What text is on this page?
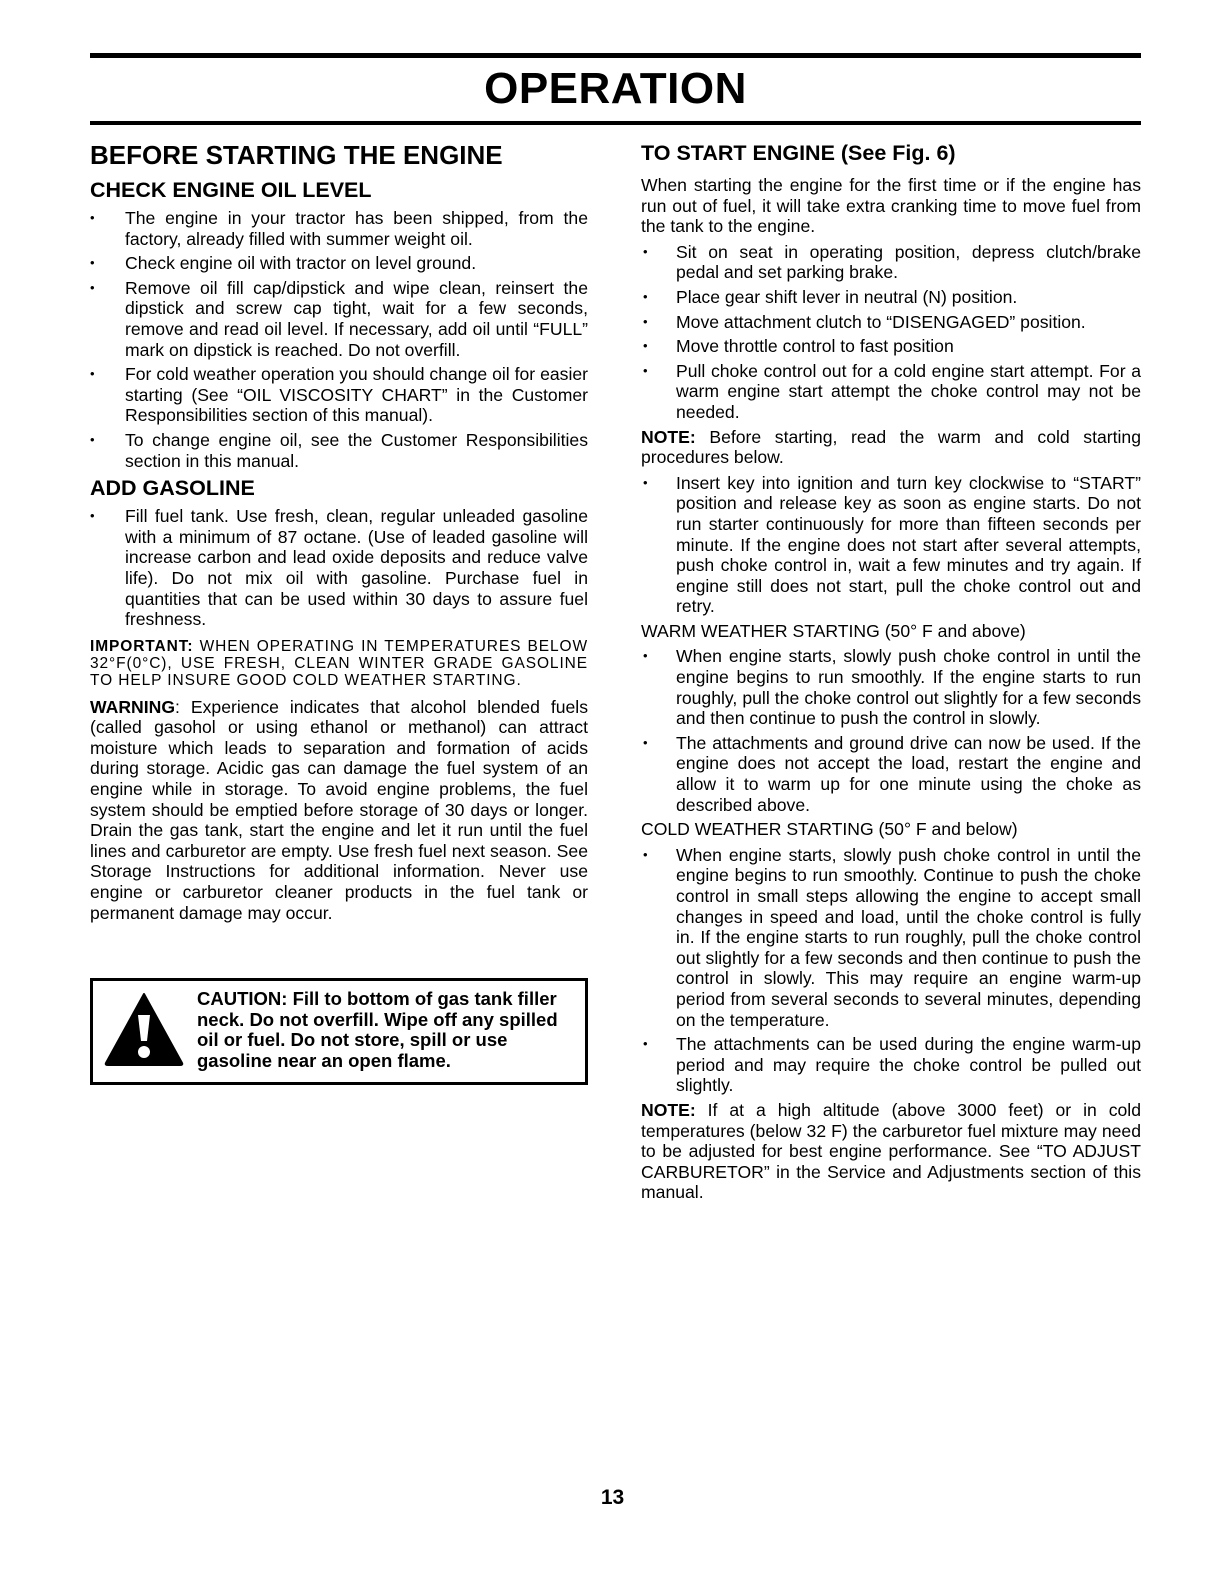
OPERATION
BEFORE STARTING THE ENGINE
CHECK ENGINE OIL LEVEL
• The engine in your tractor has been shipped, from the factory, already filled with summer weight oil.
• Check engine oil with tractor on level ground.
• Remove oil fill cap/dipstick and wipe clean, reinsert the dipstick and screw cap tight, wait for a few seconds, remove and read oil level. If necessary, add oil until “FULL” mark on dipstick is reached. Do not overfill.
• For cold weather operation you should change oil for easier starting (See “OIL VISCOSITY CHART” in the Customer Responsibilities section of this manual).
• To change engine oil, see the Customer Responsibilities section in this manual.
ADD GASOLINE
• Fill fuel tank. Use fresh, clean, regular unleaded gasoline with a minimum of 87 octane. (Use of leaded gasoline will increase carbon and lead oxide deposits and reduce valve life). Do not mix oil with gasoline. Purchase fuel in quantities that can be used within 30 days to assure fuel freshness.

IMPORTANT: WHEN OPERATING IN TEMPERATURES BELOW 32°F(0°C), USE FRESH, CLEAN WINTER GRADE GASOLINE TO HELP INSURE GOOD COLD WEATHER STARTING.

WARNING: Experience indicates that alcohol blended fuels (called gasohol or using ethanol or methanol) can attract moisture which leads to separation and formation of acids during storage. Acidic gas can damage the fuel system of an engine while in storage. To avoid engine problems, the fuel system should be emptied before storage of 30 days or longer. Drain the gas tank, start the engine and let it run until the fuel lines and carburetor are empty. Use fresh fuel next season. See Storage Instructions for additional information. Never use engine or carburetor cleaner products in the fuel tank or permanent damage may occur.

CAUTION: Fill to bottom of gas tank filler neck. Do not overfill. Wipe off any spilled oil or fuel. Do not store, spill or use gasoline near an open flame.
TO START ENGINE (See Fig. 6)

When starting the engine for the first time or if the engine has run out of fuel, it will take extra cranking time to move fuel from the tank to the engine.

• Sit on seat in operating position, depress clutch/brake pedal and set parking brake.
• Place gear shift lever in neutral (N) position.
• Move attachment clutch to “DISENGAGED” position.
• Move throttle control to fast position
• Pull choke control out for a cold engine start attempt. For a warm engine start attempt the choke control may not be needed.

NOTE: Before starting, read the warm and cold starting procedures below.

• Insert key into ignition and turn key clockwise to “START” position and release key as soon as engine starts. Do not run starter continuously for more than fifteen seconds per minute. If the engine does not start after several attempts, push choke control in, wait a few minutes and try again. If engine still does not start, pull the choke control out and retry.

WARM WEATHER STARTING (50° F and above)

• When engine starts, slowly push choke control in until the engine begins to run smoothly. If the engine starts to run roughly, pull the choke control out slightly for a few seconds and then continue to push the control in slowly.
• The attachments and ground drive can now be used. If the engine does not accept the load, restart the engine and allow it to warm up for one minute using the choke as described above.

COLD WEATHER STARTING (50° F and below)

• When engine starts, slowly push choke control in until the engine begins to run smoothly. Continue to push the choke control in small steps allowing the engine to accept small changes in speed and load, until the choke control is fully in. If the engine starts to run roughly, pull the choke control out slightly for a few seconds and then continue to push the control in slowly. This may require an engine warm-up period from several seconds to several minutes, depending on the temperature.
• The attachments can be used during the engine warm-up period and may require the choke control be pulled out slightly.

NOTE: If at a high altitude (above 3000 feet) or in cold temperatures (below 32 F) the carburetor fuel mixture may need to be adjusted for best engine performance. See “TO ADJUST CARBURETOR” in the Service and Adjustments section of this manual.

13
